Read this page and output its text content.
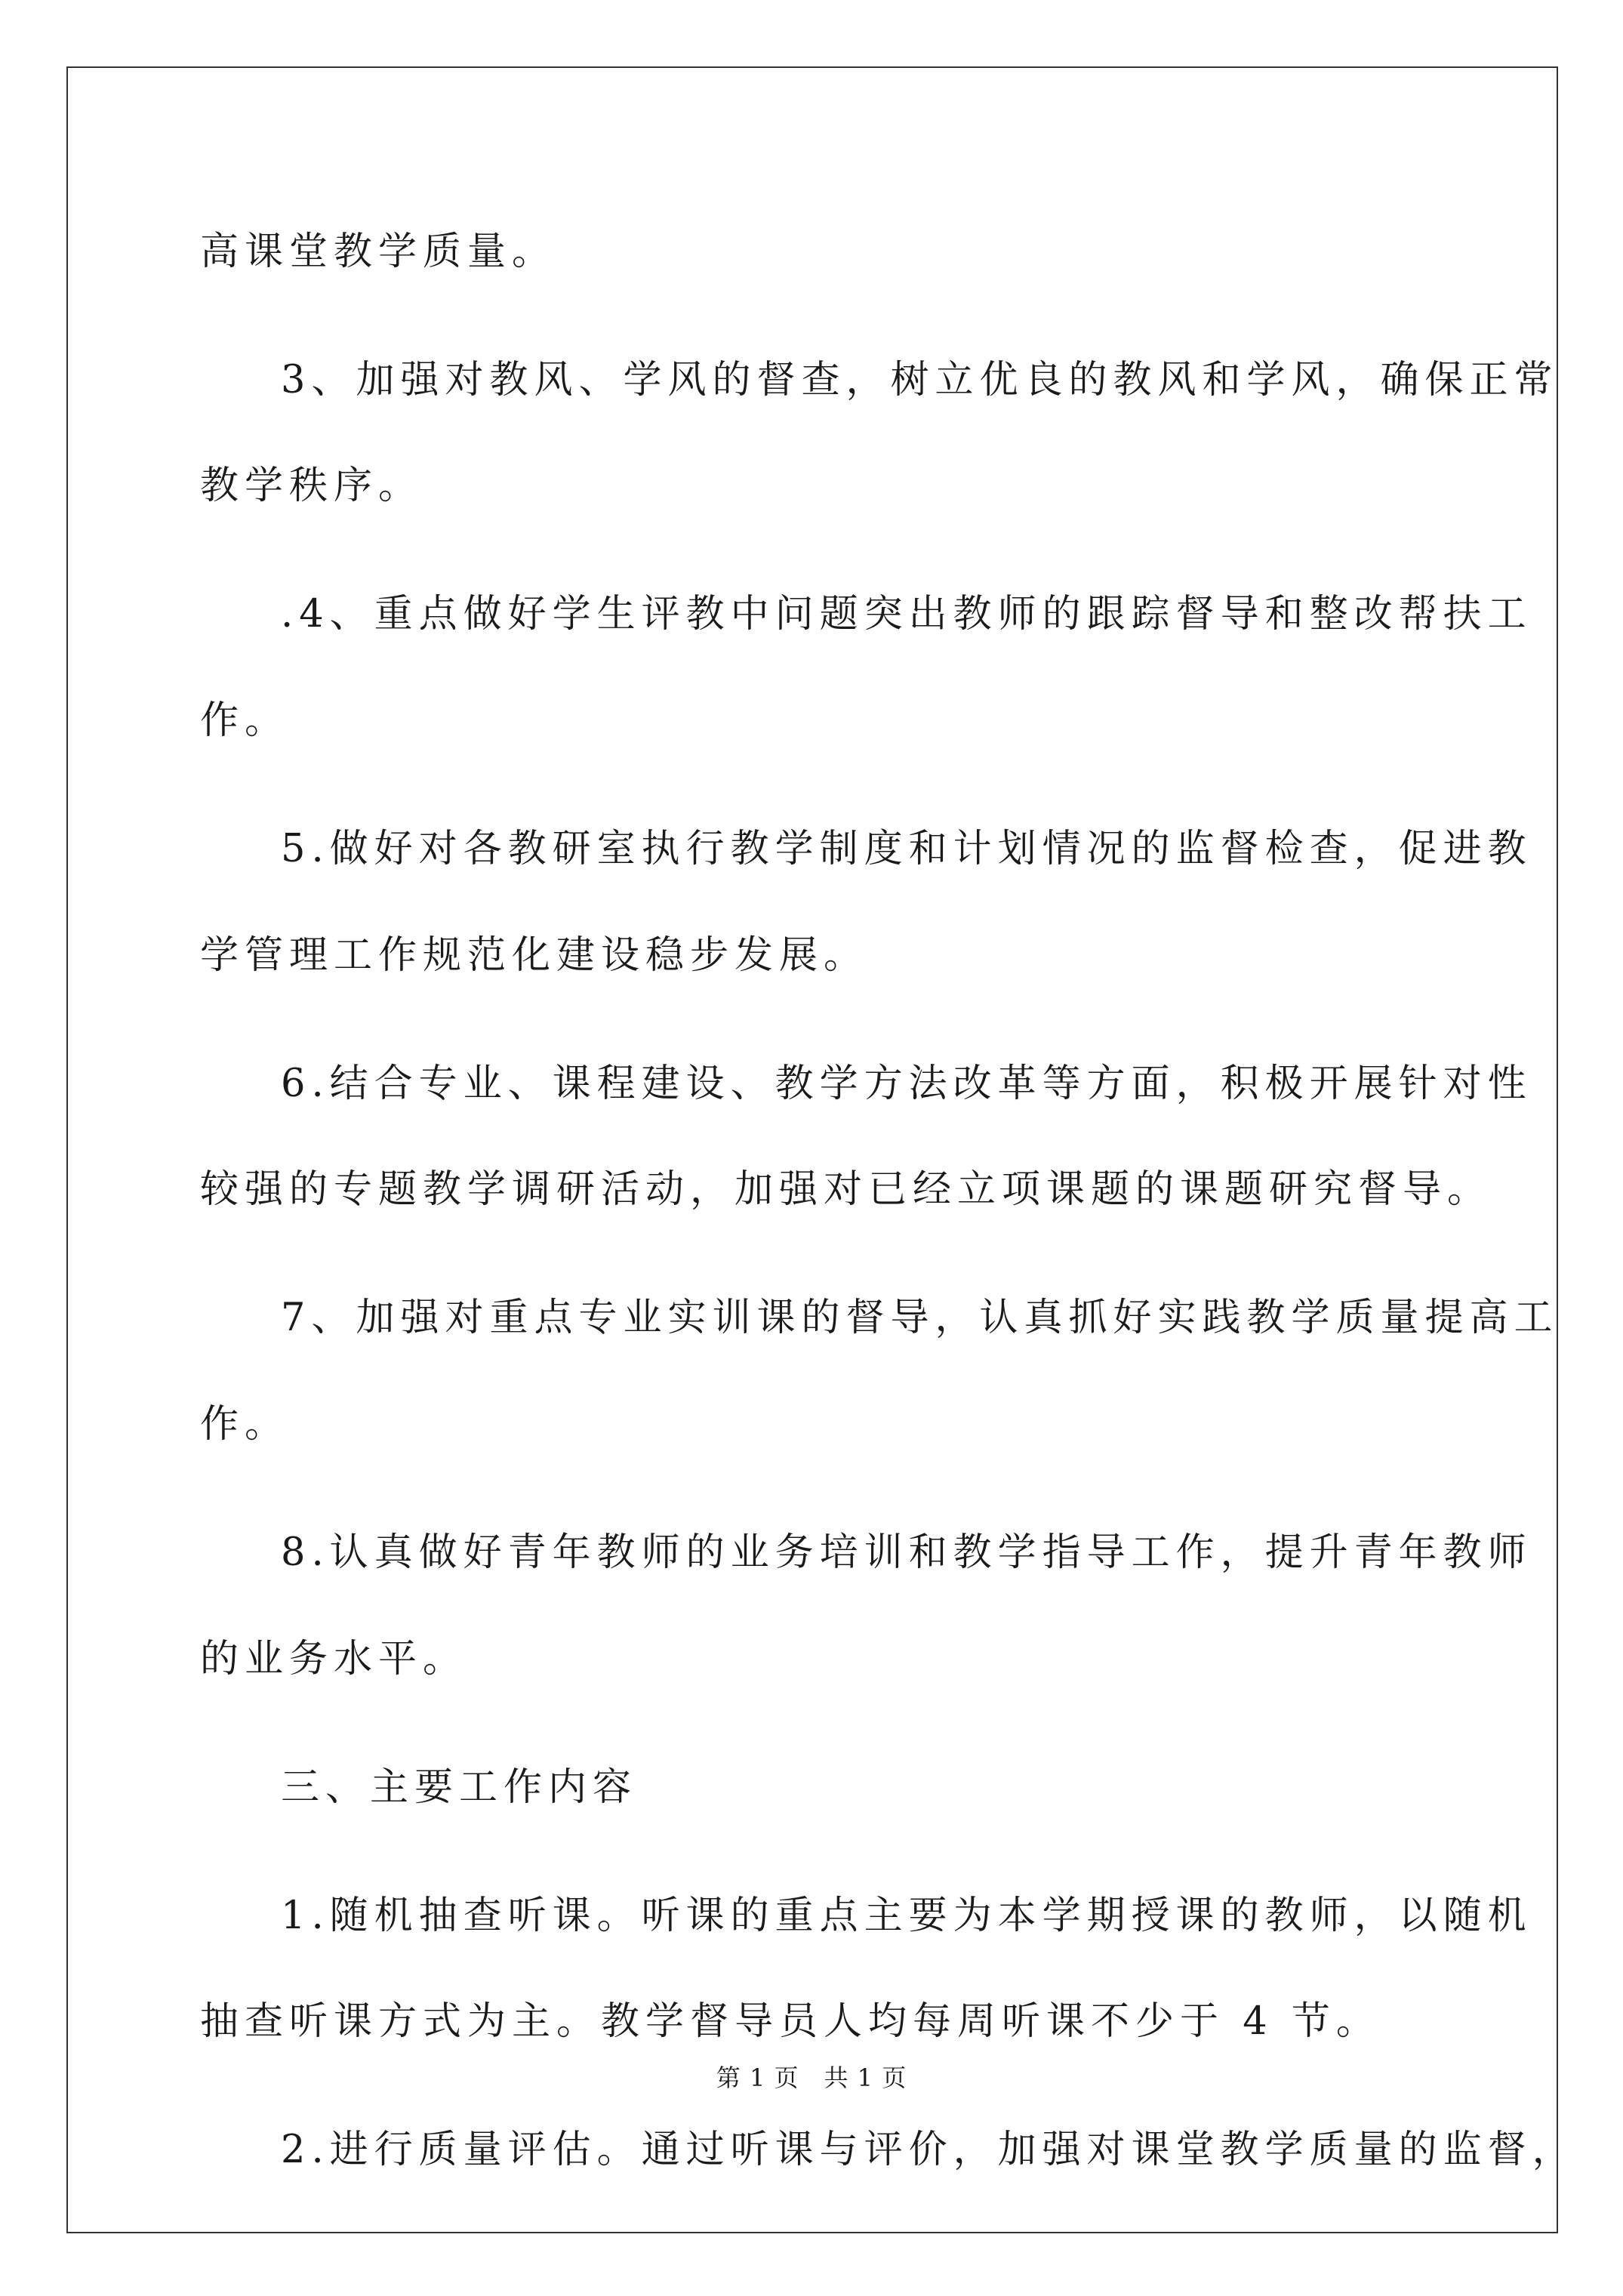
高课堂教学质量。
3、加强对教风、学风的督查，树立优良的教风和学风，确保正常
教学秩序。
.4、重点做好学生评教中问题突出教师的跟踪督导和整改帮扶工
作。
5.做好对各教研室执行教学制度和计划情况的监督检查，促进教
学管理工作规范化建设稳步发展。
6.结合专业、课程建设、教学方法改革等方面，积极开展针对性
较强的专题教学调研活动，加强对已经立项课题的课题研究督导。
7、加强对重点专业实训课的督导，认真抓好实践教学质量提高工
作。
8.认真做好青年教师的业务培训和教学指导工作，提升青年教师
的业务水平。
三、主要工作内容
1.随机抽查听课。听课的重点主要为本学期授课的教师，以随机
抽查听课方式为主。教学督导员人均每周听课不少于 4 节。
2.进行质量评估。通过听课与评价，加强对课堂教学质量的监督，
第 1 页　共 1 页
